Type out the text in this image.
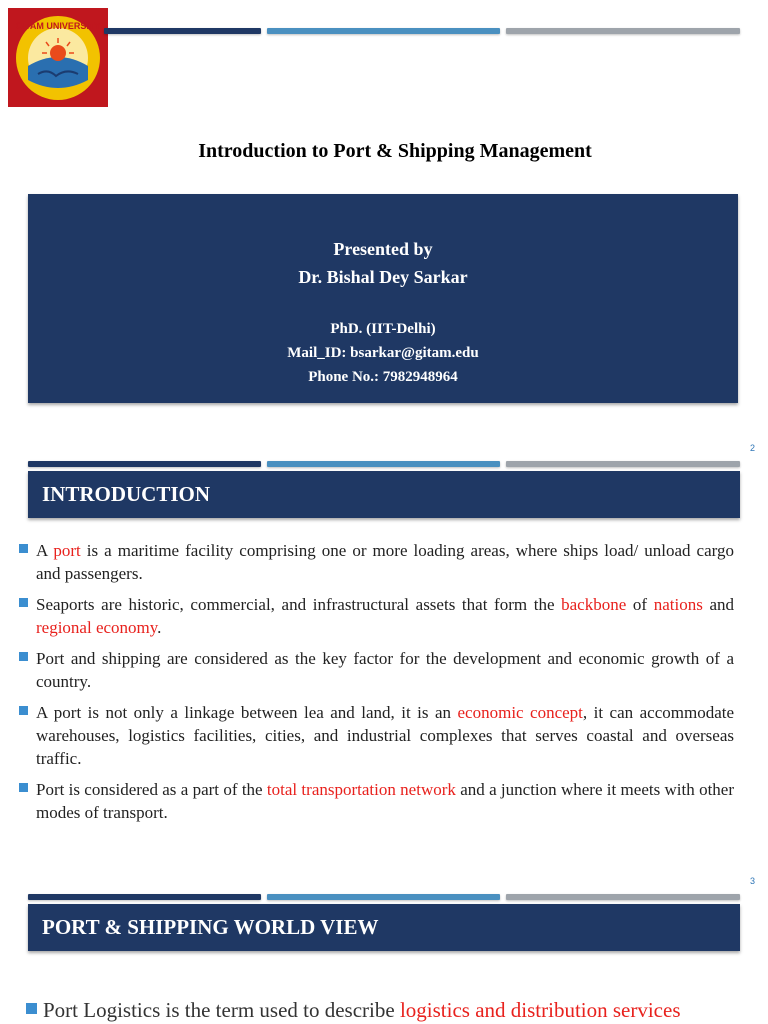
GITAM UNIVERSITY
Introduction to Port & Shipping Management
Presented by
Dr. Bishal Dey Sarkar
PhD. (IIT-Delhi)
Mail_ID: bsarkar@gitam.edu
Phone No.: 7982948964
2
INTRODUCTION
A port is a maritime facility comprising one or more loading areas, where ships load/ unload cargo and passengers.
Seaports are historic, commercial, and infrastructural assets that form the backbone of nations and regional economy.
Port and shipping are considered as the key factor for the development and economic growth of a country.
A port is not only a linkage between lea and land, it is an economic concept, it can accommodate warehouses, logistics facilities, cities, and industrial complexes that serves coastal and overseas traffic.
Port is considered as a part of the total transportation network and a junction where it meets with other modes of transport.
3
PORT & SHIPPING WORLD VIEW
Port Logistics is the term used to describe logistics and distribution services
